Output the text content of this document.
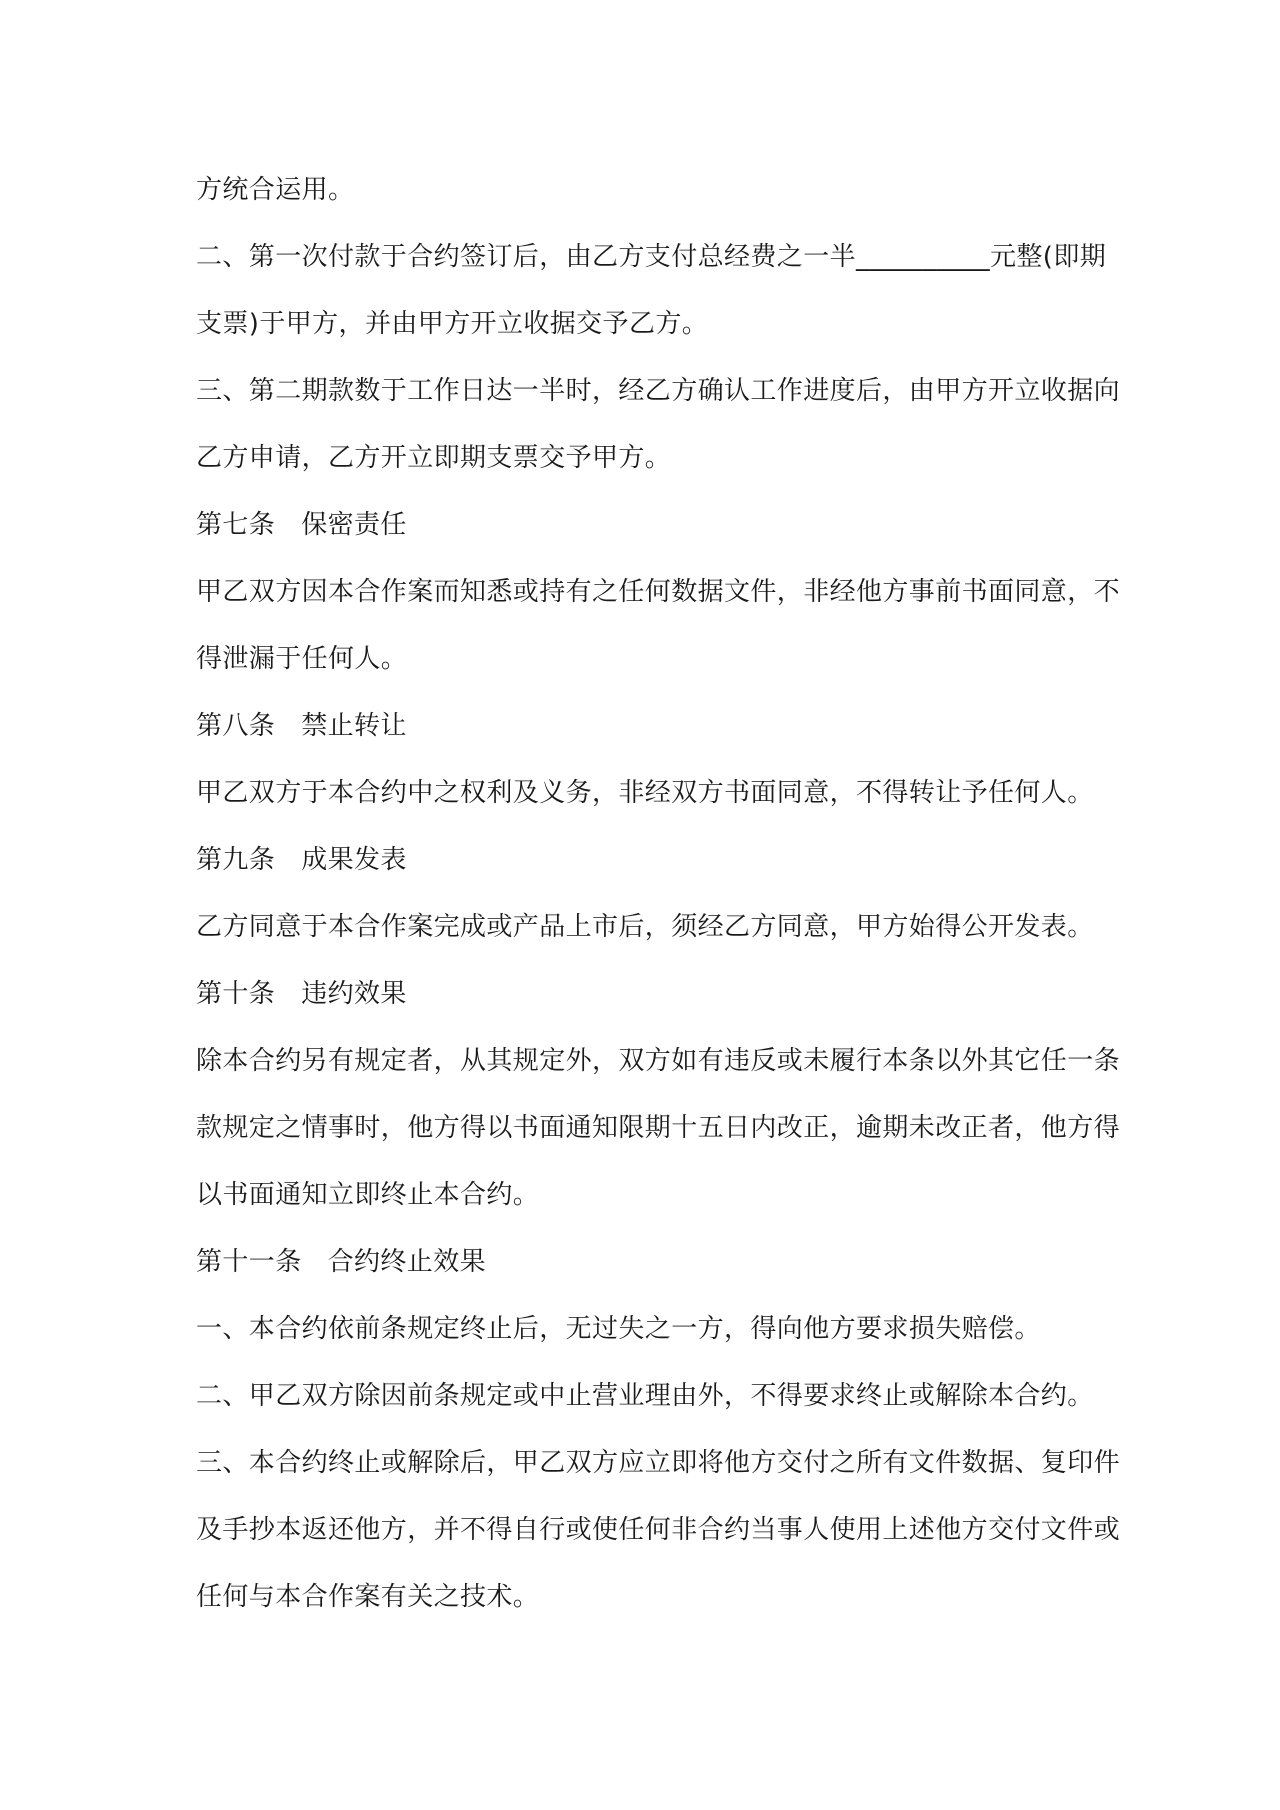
方统合运用。
二、第一次付款于合约签订后，由乙方支付总经费之一半__________元整(即期
支票)于甲方，并由甲方开立收据交予乙方。
三、第二期款数于工作日达一半时，经乙方确认工作进度后，由甲方开立收据向
乙方申请，乙方开立即期支票交予甲方。
第七条 保密责任
甲乙双方因本合作案而知悉或持有之任何数据文件，非经他方事前书面同意，不
得泄漏于任何人。
第八条 禁止转让
甲乙双方于本合约中之权利及义务，非经双方书面同意，不得转让予任何人。
第九条 成果发表
乙方同意于本合作案完成或产品上市后，须经乙方同意，甲方始得公开发表。
第十条 违约效果
除本合约另有规定者，从其规定外，双方如有违反或未履行本条以外其它任一条
款规定之情事时，他方得以书面通知限期十五日内改正，逾期未改正者，他方得
以书面通知立即终止本合约。
第十一条 合约终止效果
一、本合约依前条规定终止后，无过失之一方，得向他方要求损失赔偿。
二、甲乙双方除因前条规定或中止营业理由外，不得要求终止或解除本合约。
三、本合约终止或解除后，甲乙双方应立即将他方交付之所有文件数据、复印件
及手抄本返还他方，并不得自行或使任何非合约当事人使用上述他方交付文件或
任何与本合作案有关之技术。
